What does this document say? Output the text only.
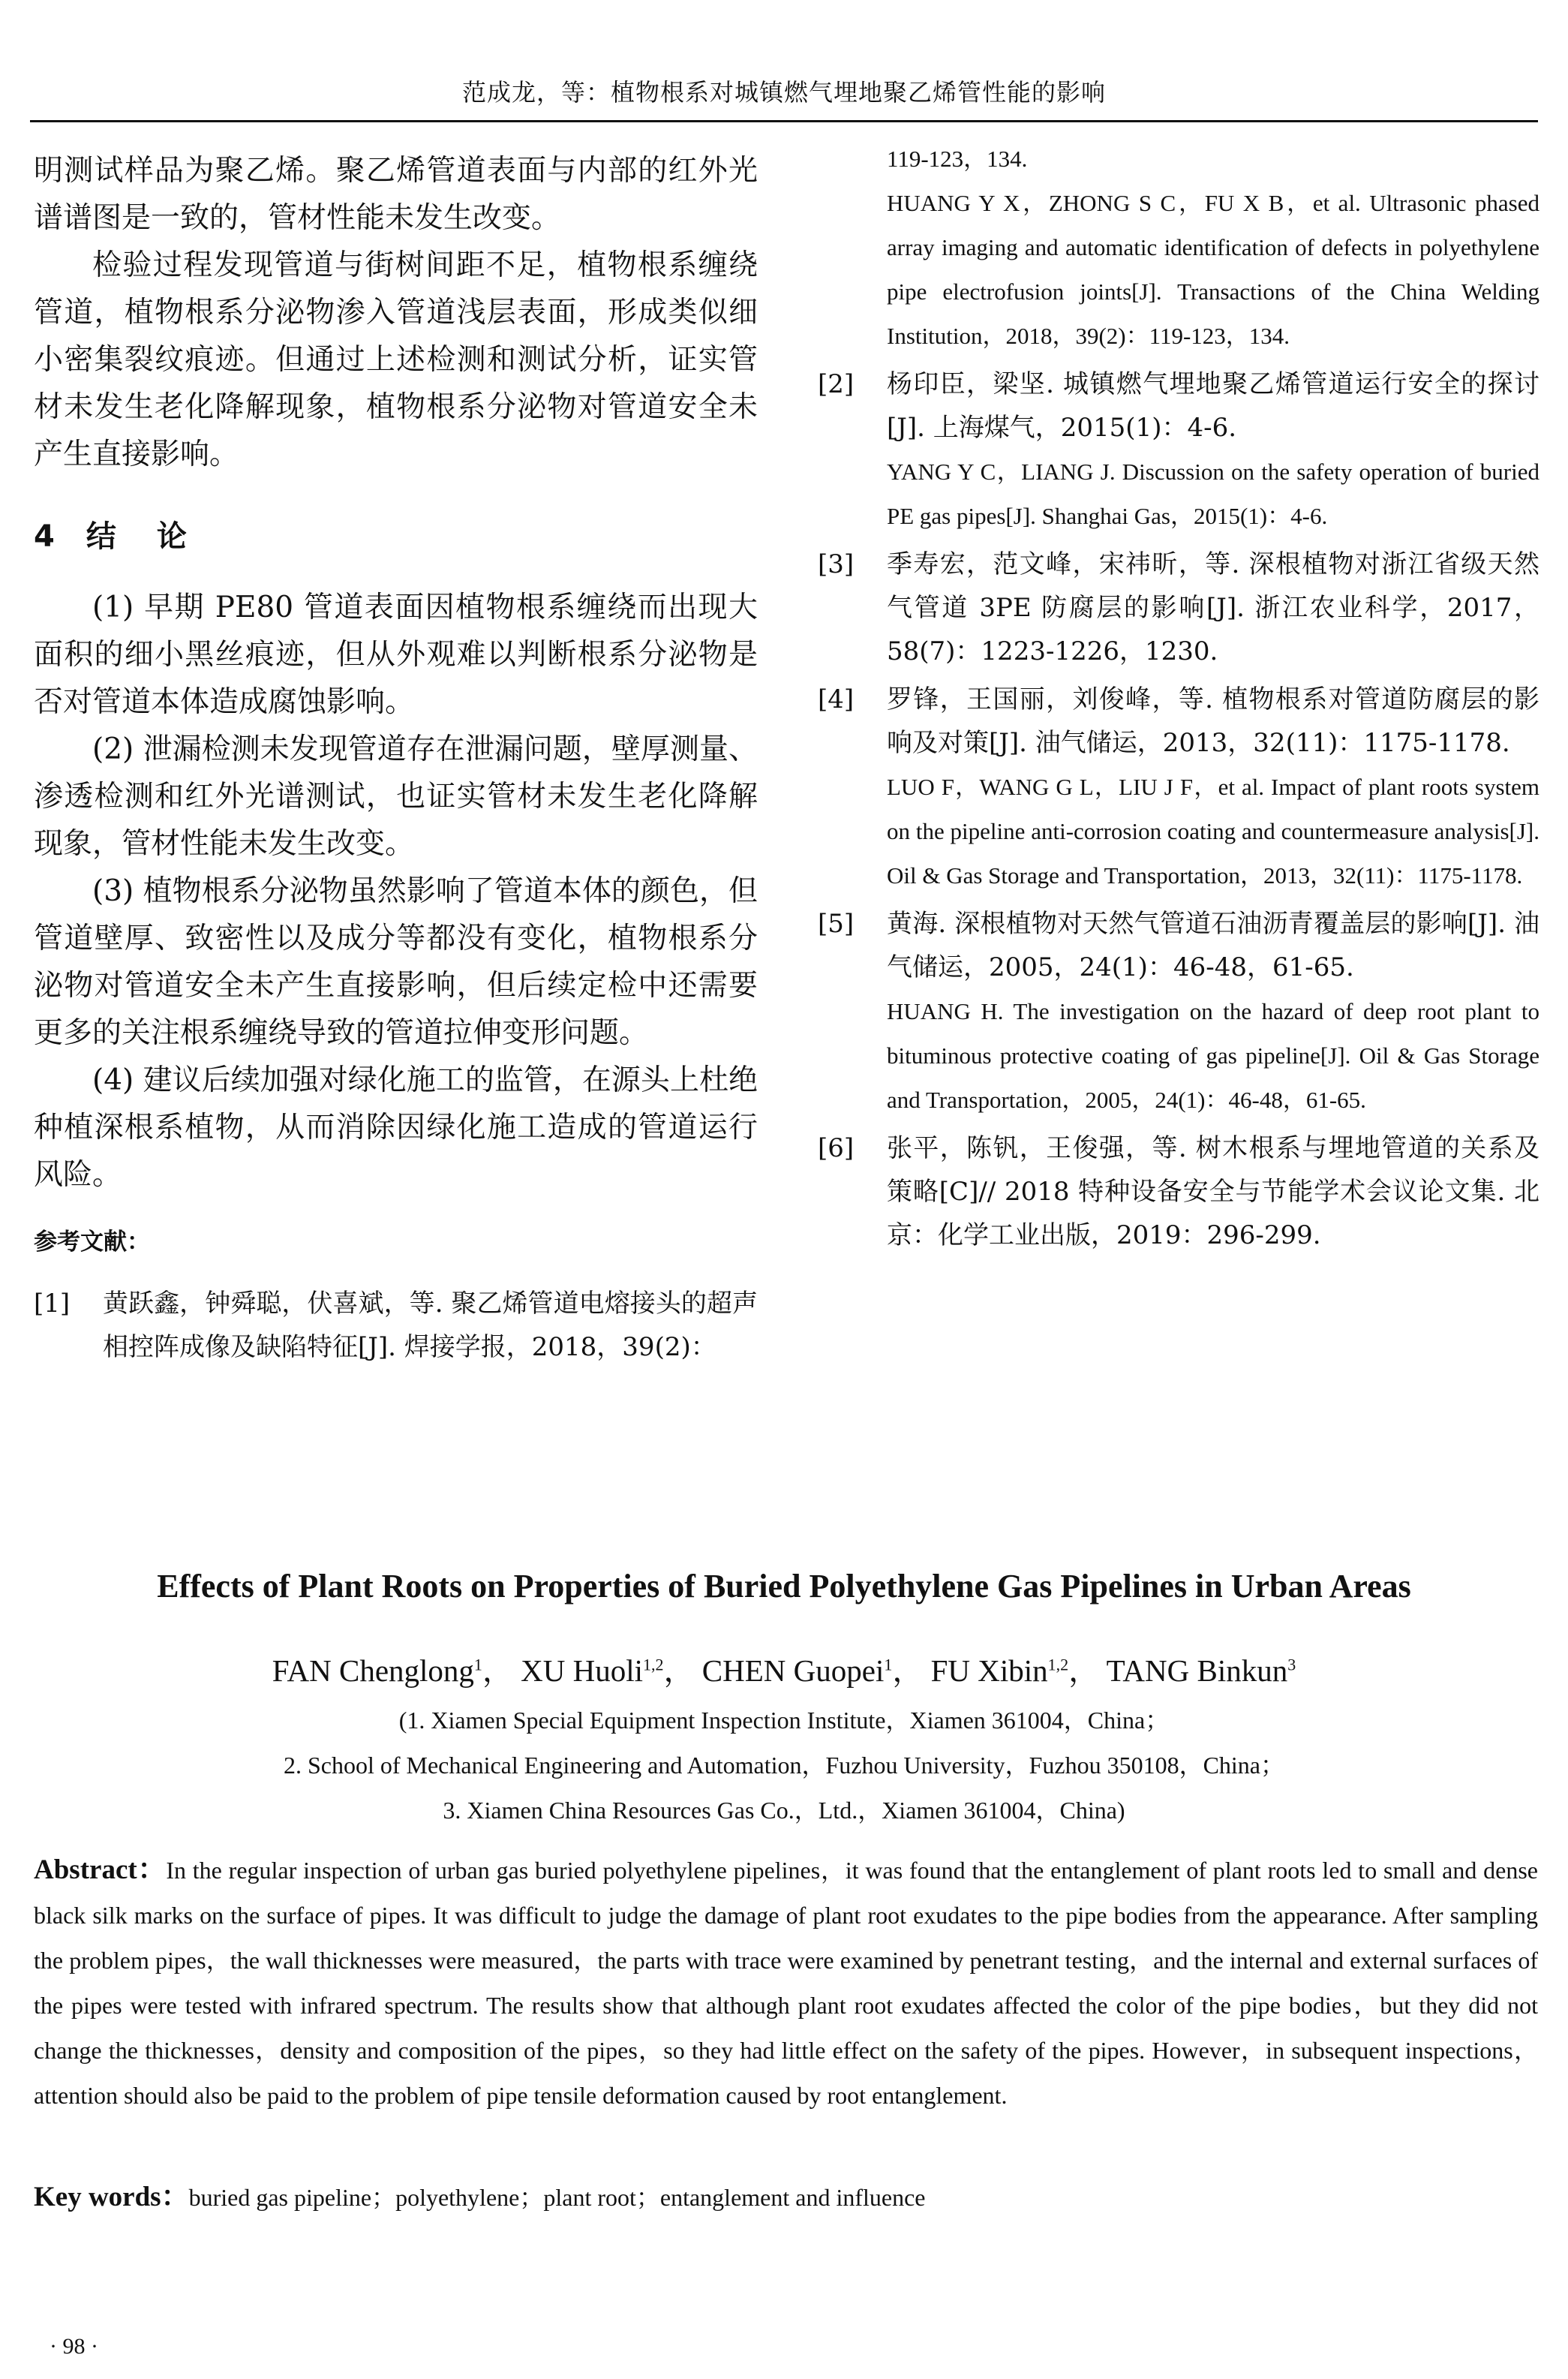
范成龙，等：植物根系对城镇燃气埋地聚乙烯管性能的影响

明测试样品为聚乙烯。聚乙烯管道表面与内部的红外光谱谱图是一致的，管材性能未发生改变。

检验过程发现管道与街树间距不足，植物根系缠绕管道，植物根系分泌物渗入管道浅层表面，形成类似细小密集裂纹痕迹。但通过上述检测和测试分析，证实管材未发生老化降解现象，植物根系分泌物对管道安全未产生直接影响。

4 结 论

(1) 早期 PE80 管道表面因植物根系缠绕而出现大面积的细小黑丝痕迹，但从外观难以判断根系分泌物是否对管道本体造成腐蚀影响。

(2) 泄漏检测未发现管道存在泄漏问题，壁厚测量、渗透检测和红外光谱测试，也证实管材未发生老化降解现象，管材性能未发生改变。

(3) 植物根系分泌物虽然影响了管道本体的颜色，但管道壁厚、致密性以及成分等都没有变化，植物根系分泌物对管道安全未产生直接影响，但后续定检中还需要更多的关注根系缠绕导致的管道拉伸变形问题。

(4) 建议后续加强对绿化施工的监管，在源头上杜绝种植深根系植物，从而消除因绿化施工造成的管道运行风险。

参考文献：
[1] 黄跃鑫，钟舜聪，伏喜斌，等. 聚乙烯管道电熔接头的超声相控阵成像及缺陷特征[J]. 焊接学报，2018，39(2)：
119-123，134.
HUANG Y X，ZHONG S C，FU X B，et al. Ultrasonic phased array imaging and automatic identification of defects in polyethylene pipe electrofusion joints[J]. Transactions of the China Welding Institution，2018，39(2)：119-123，134.
[2] 杨印臣，梁坚. 城镇燃气埋地聚乙烯管道运行安全的探讨[J]. 上海煤气，2015(1)：4-6.
YANG Y C，LIANG J. Discussion on the safety operation of buried PE gas pipes[J]. Shanghai Gas，2015(1)：4-6.
[3] 季寿宏，范文峰，宋祎昕，等. 深根植物对浙江省级天然气管道 3PE 防腐层的影响[J]. 浙江农业科学，2017，58(7)：1223-1226，1230.
[4] 罗锋，王国丽，刘俊峰，等. 植物根系对管道防腐层的影响及对策[J]. 油气储运，2013，32(11)：1175-1178.
LUO F，WANG G L，LIU J F，et al. Impact of plant roots system on the pipeline anti-corrosion coating and countermeasure analysis[J]. Oil & Gas Storage and Transportation，2013，32(11)：1175-1178.
[5] 黄海. 深根植物对天然气管道石油沥青覆盖层的影响[J]. 油气储运，2005，24(1)：46-48，61-65.
HUANG H. The investigation on the hazard of deep root plant to bituminous protective coating of gas pipeline[J]. Oil & Gas Storage and Transportation，2005，24(1)：46-48，61-65.
[6] 张平，陈钒，王俊强，等. 树木根系与埋地管道的关系及策略[C]// 2018 特种设备安全与节能学术会议论文集. 北京：化学工业出版，2019：296-299.
Effects of Plant Roots on Properties of Buried Polyethylene Gas Pipelines in Urban Areas
FAN Chenglong$^1$， XU Huoli$^{1,2}$， CHEN Guopei$^1$， FU Xibin$^{1,2}$， TANG Binkun$^3$
(1. Xiamen Special Equipment Inspection Institute，Xiamen 361004，China；
2. School of Mechanical Engineering and Automation，Fuzhou University，Fuzhou 350108，China；
3. Xiamen China Resources Gas Co.，Ltd.，Xiamen 361004，China)

Abstract：In the regular inspection of urban gas buried polyethylene pipelines，it was found that the entanglement of plant roots led to small and dense black silk marks on the surface of pipes. It was difficult to judge the damage of plant root exudates to the pipe bodies from the appearance. After sampling the problem pipes，the wall thicknesses were measured，the parts with trace were examined by penetrant testing，and the internal and external surfaces of the pipes were tested with infrared spectrum. The results show that although plant root exudates affected the color of the pipe bodies，but they did not change the thicknesses，density and composition of the pipes，so they had little effect on the safety of the pipes. However，in subsequent inspections，attention should also be paid to the problem of pipe tensile deformation caused by root entanglement.

Key words：buried gas pipeline；polyethylene；plant root；entanglement and influence

· 98 ·
